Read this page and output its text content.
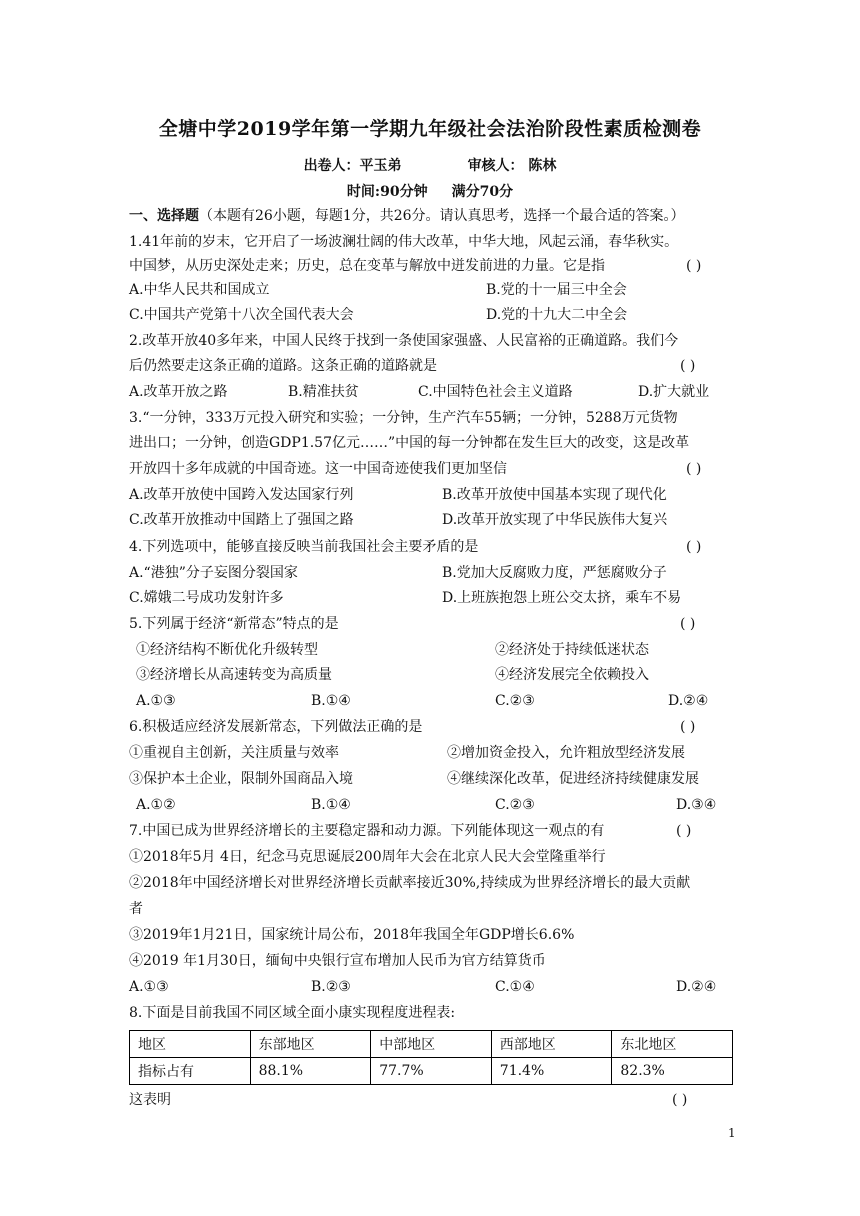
全塘中学2019学年第一学期九年级社会法治阶段性素质检测卷
出卷人：平玉弟	审核人： 陈林
时间:90分钟 满分70分
一、选择题（本题有26小题，每题1分，共26分。请认真思考，选择一个最合适的答案。）
1.41年前的岁末，它开启了一场波澜壮阔的伟大改革，中华大地，风起云涌，春华秋实。
中国梦，从历史深处走来；历史，总在变革与解放中迸发前进的力量。它是指	( )
A.中华人民共和国成立	B.党的十一届三中全会
C.中国共产党第十八次全国代表大会	D.党的十九大二中全会
2.改革开放40多年来，中国人民终于找到一条使国家强盛、人民富裕的正确道路。我们今
后仍然要走这条正确的道路。这条正确的道路就是	( )
A.改革开放之路	B.精准扶贫	C.中国特色社会主义道路	D.扩大就业
3.“一分钟，333万元投入研究和实验；一分钟，生产汽车55辆；一分钟，5288万元货物
进出口；一分钟，创造GDP1.57亿元……”中国的每一分钟都在发生巨大的改变，这是改革
开放四十多年成就的中国奇迹。这一中国奇迹使我们更加坚信	( )
A.改革开放使中国跨入发达国家行列	B.改革开放使中国基本实现了现代化
C.改革开放推动中国踏上了强国之路	D.改革开放实现了中华民族伟大复兴
4.下列选项中，能够直接反映当前我国社会主要矛盾的是	( )
A.“港独”分子妄图分裂国家	B.党加大反腐败力度，严惩腐败分子
C.嫦娥二号成功发射许多	D.上班族抱怨上班公交太挤，乘车不易
5.下列属于经济“新常态”特点的是	( )
①经济结构不断优化升级转型	②经济处于持续低迷状态
③经济增长从高速转变为高质量	④经济发展完全依赖投入
A.①③	B.①④	C.②③	D.②④
6.积极适应经济发展新常态，下列做法正确的是	( )
①重视自主创新，关注质量与效率	②增加资金投入，允许粗放型经济发展
③保护本土企业，限制外国商品入境	④继续深化改革，促进经济持续健康发展
A.①②	B.①④	C.②③	D.③④
7.中国已成为世界经济增长的主要稳定器和动力源。下列能体现这一观点的有	( )
①2018年5月 4日，纪念马克思诞辰200周年大会在北京人民大会堂隆重举行
②2018年中国经济增长对世界经济增长贡献率接近30%,持续成为世界经济增长的最大贡献
者
③2019年1月21日，国家统计局公布，2018年我国全年GDP增长6.6%
④2019 年1月30日，缅甸中央银行宣布增加人民币为官方结算货币
A.①③	B.②③	C.①④	D.②④
8.下面是目前我国不同区域全面小康实现程度进程表:
地区	东部地区	中部地区	西部地区	东北地区
指标占有	88.1%	77.7%	71.4%	82.3%
这表明	( )
1
